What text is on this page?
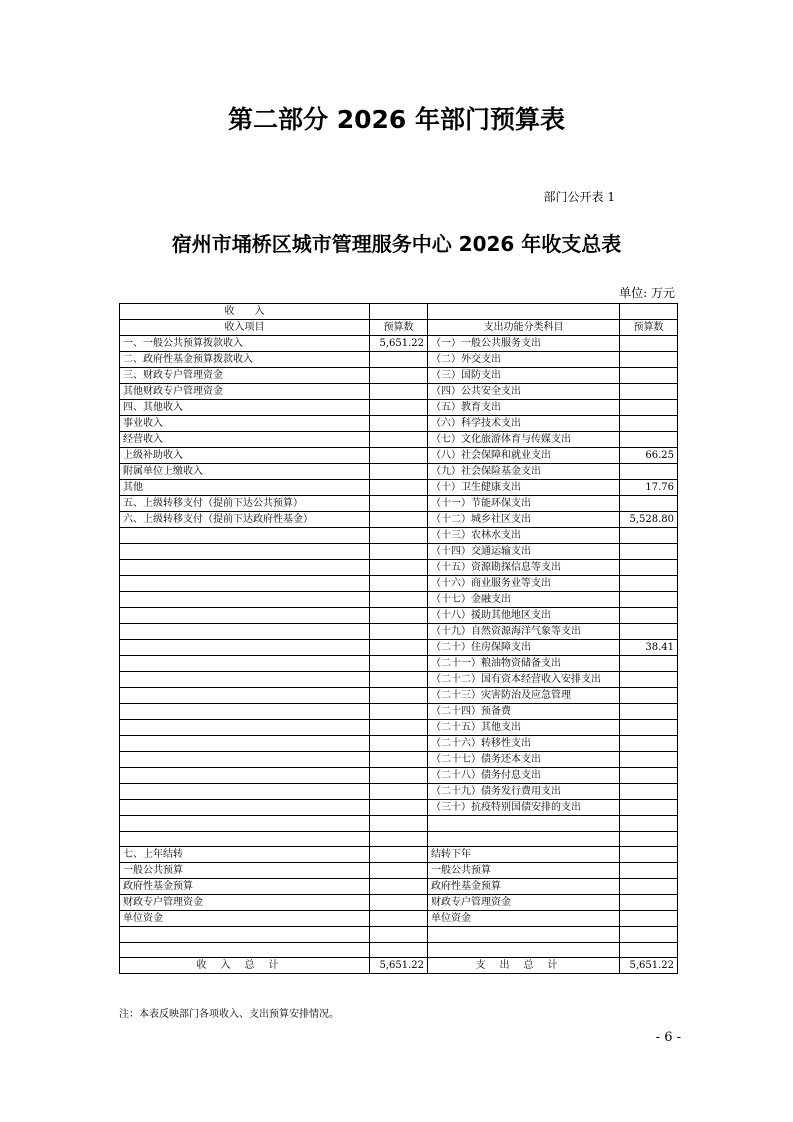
第二部分 2026 年部门预算表
部门公开表 1
宿州市埇桥区城市管理服务中心 2026 年收支总表
单位: 万元
收　　入			
收入项目	预算数	支出功能分类科目	预算数
一、一般公共预算拨款收入	5,651.22	（一）一般公共服务支出	
二、政府性基金预算拨款收入		（二）外交支出	
三、财政专户管理资金		（三）国防支出	
其他财政专户管理资金		（四）公共安全支出	
四、其他收入		（五）教育支出	
事业收入		（六）科学技术支出	
经营收入		（七）文化旅游体育与传媒支出	
上级补助收入		（八）社会保障和就业支出	66.25
附属单位上缴收入		（九）社会保险基金支出	
其他		（十）卫生健康支出	17.76
五、上级转移支付（提前下达公共预算）		（十一）节能环保支出	
六、上级转移支付（提前下达政府性基金）		（十二）城乡社区支出	5,528.80
		（十三）农林水支出	
		（十四）交通运输支出	
		（十五）资源勘探信息等支出	
		（十六）商业服务业等支出	
		（十七）金融支出	
		（十八）援助其他地区支出	
		（十九）自然资源海洋气象等支出	
		（二十）住房保障支出	38.41
		（二十一）粮油物资储备支出	
		（二十二）国有资本经营收入安排支出	
		（二十三）灾害防治及应急管理	
		（二十四）预备费	
		（二十五）其他支出	
		（二十六）转移性支出	
		（二十七）债务还本支出	
		（二十八）债务付息支出	
		（二十九）债务发行费用支出	
		（三十）抗疫特别国债安排的支出	

七、上年结转		结转下年	
一般公共预算		一般公共预算	
政府性基金预算		政府性基金预算	
财政专户管理资金		财政专户管理资金	
单位资金		单位资金	

收入总计	5,651.22	支出总计	5,651.22
注：本表反映部门各项收入、支出预算安排情况。
- 6 -
